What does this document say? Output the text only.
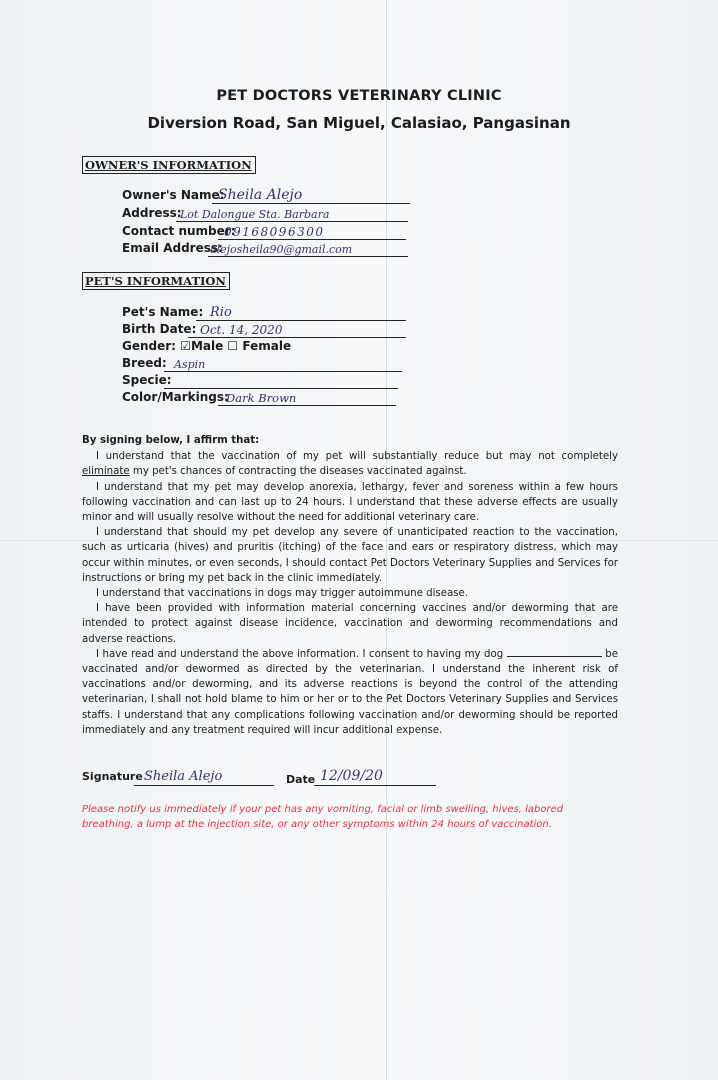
PET DOCTORS VETERINARY CLINIC
Diversion Road, San Miguel, Calasiao, Pangasinan
OWNER'S INFORMATION
Owner's Name:
Sheila Alejo
Address:
Lot Dalongue Sta. Barbara
Contact number:
09168096300
Email Address:
alejosheila90@gmail.com
PET'S INFORMATION
Pet's Name: Rio
Birth Date: Oct. 14, 2020
Gender: ☑Male ☐ Female
Breed: Aspin
Specie:
Color/Markings:
Dark Brown

By signing below, I affirm that:

I understand that the vaccination of my pet will substantially reduce but may not completely eliminate my pet's chances of contracting the diseases vaccinated against.

I understand that my pet may develop anorexia, lethargy, fever and soreness within a few hours following vaccination and can last up to 24 hours. I understand that these adverse effects are usually minor and will usually resolve without the need for additional veterinary care.

I understand that should my pet develop any severe of unanticipated reaction to the vaccination, such as urticaria (hives) and pruritis (itching) of the face and ears or respiratory distress, which may occur within minutes, or even seconds, I should contact Pet Doctors Veterinary Supplies and Services for instructions or bring my pet back in the clinic immediately.

I understand that vaccinations in dogs may trigger autoimmune disease.

I have been provided with information material concerning vaccines and/or deworming that are intended to protect against disease incidence, vaccination and deworming recommendations and adverse reactions.

I have read and understand the above information. I consent to having my dog	be vaccinated and/or dewormed as directed by the veterinarian. I understand the inherent risk of vaccinations and/or deworming, and its adverse reactions is beyond the control of the attending veterinarian, I shall not hold blame to him or her or to the Pet Doctors Veterinary Supplies and Services staffs. I understand that any complications following vaccination and/or deworming should be reported immediately and any treatment required will incur additional expense.

Signature Sheila Alejo	Date 12/09/20
Please notify us immediately if your pet has any vomiting, facial or limb swelling, hives, labored breathing, a lump at the injection site, or any other symptoms within 24 hours of vaccination.
